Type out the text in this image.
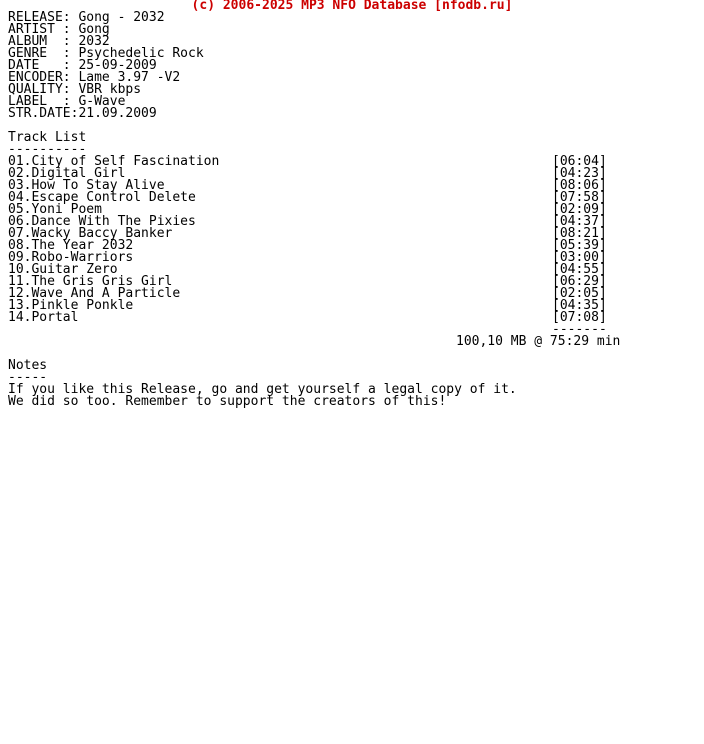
(c) 2006-2025 MP3 NFO Database [nfodb.ru]
RELEASE: Gong - 2032
ARTIST : Gong
ALBUM  : 2032
GENRE  : Psychedelic Rock
DATE   : 25-09-2009
ENCODER: Lame 3.97 -V2
QUALITY: VBR kbps
LABEL  : G-Wave
STR.DATE:21.09.2009
Track List
----------
01.City of Self Fascination	[06:04]
02.Digital Girl	[04:23]
03.How To Stay Alive	[08:06]
04.Escape Control Delete	[07:58]
05.Yoni Poem	[02:09]
06.Dance With The Pixies	[04:37]
07.Wacky Baccy Banker	[08:21]
08.The Year 2032	[05:39]
09.Robo-Warriors	[03:00]
10.Guitar Zero	[04:55]
11.The Gris Gris Girl	[06:29]
12.Wave And A Particle	[02:05]
13.Pinkle Ponkle	[04:35]
14.Portal	[07:08]
-------
100,10 MB @ 75:29 min
Notes
-----
If you like this Release, go and get yourself a legal copy of it.
We did so too. Remember to support the creators of this!
